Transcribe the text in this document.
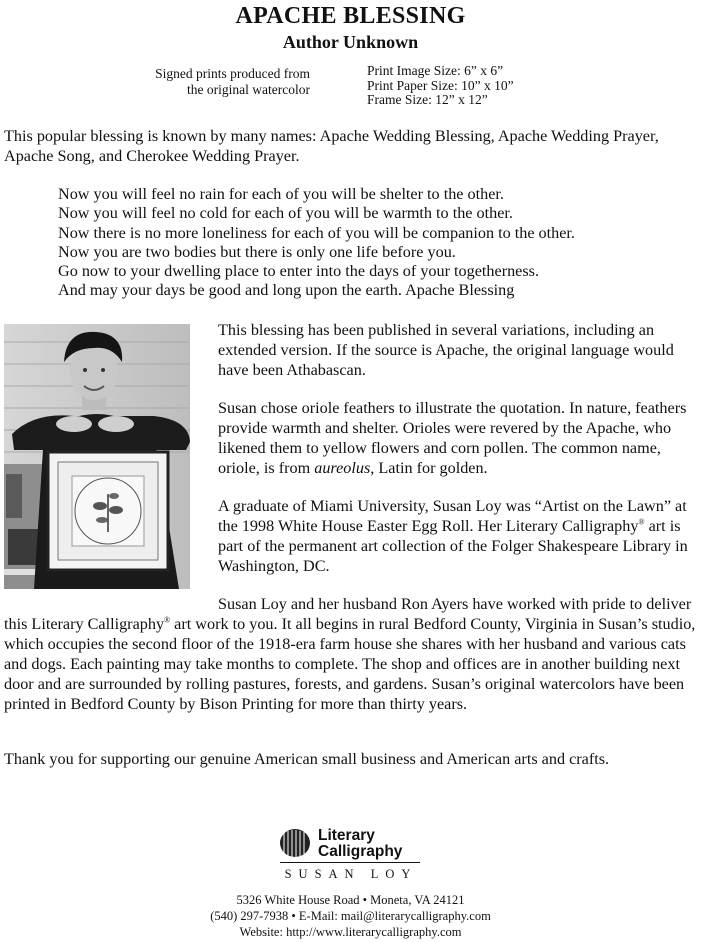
APACHE BLESSING
Author Unknown
Signed prints produced from
the original watercolor
Print Image Size: 6” x 6”
Print Paper Size: 10” x 10”
Frame Size: 12” x 12”
This popular blessing is known by many names: Apache Wedding Blessing, Apache Wedding Prayer, Apache Song, and Cherokee Wedding Prayer.
Now you will feel no rain for each of you will be shelter to the other.
Now you will feel no cold for each of you will be warmth to the other.
Now there is no more loneliness for each of you will be companion to the other.
Now you are two bodies but there is only one life before you.
Go now to your dwelling place to enter into the days of your togetherness.
And may your days be good and long upon the earth. Apache Blessing
This blessing has been published in several variations, including an extended version. If the source is Apache, the original language would have been Athabascan.
Susan chose oriole feathers to illustrate the quotation. In nature, feathers provide warmth and shelter. Orioles were revered by the Apache, who likened them to yellow flowers and corn pollen. The common name, oriole, is from aureolus, Latin for golden.
A graduate of Miami University, Susan Loy was “Artist on the Lawn” at the 1998 White House Easter Egg Roll. Her Literary Calligraphy® art is part of the permanent art collection of the Folger Shakespeare Library in Washington, DC.
Susan Loy and her husband Ron Ayers have worked with pride to deliver this Literary Calligraphy® art work to you. It all begins in rural Bedford County, Virginia in Susan’s studio, which occupies the second floor of the 1918-era farm house she shares with her husband and various cats and dogs. Each painting may take months to complete. The shop and offices are in another building next door and are surrounded by rolling pastures, forests, and gardens. Susan’s original watercolors have been printed in Bedford County by Bison Printing for more than thirty years.
Thank you for supporting our genuine American small business and American arts and crafts.
Literary
Calligraphy
SUSAN LOY
5326 White House Road • Moneta, VA 24121
(540) 297-7938 • E-Mail: mail@literarycalligraphy.com
Website: http://www.literarycalligraphy.com
